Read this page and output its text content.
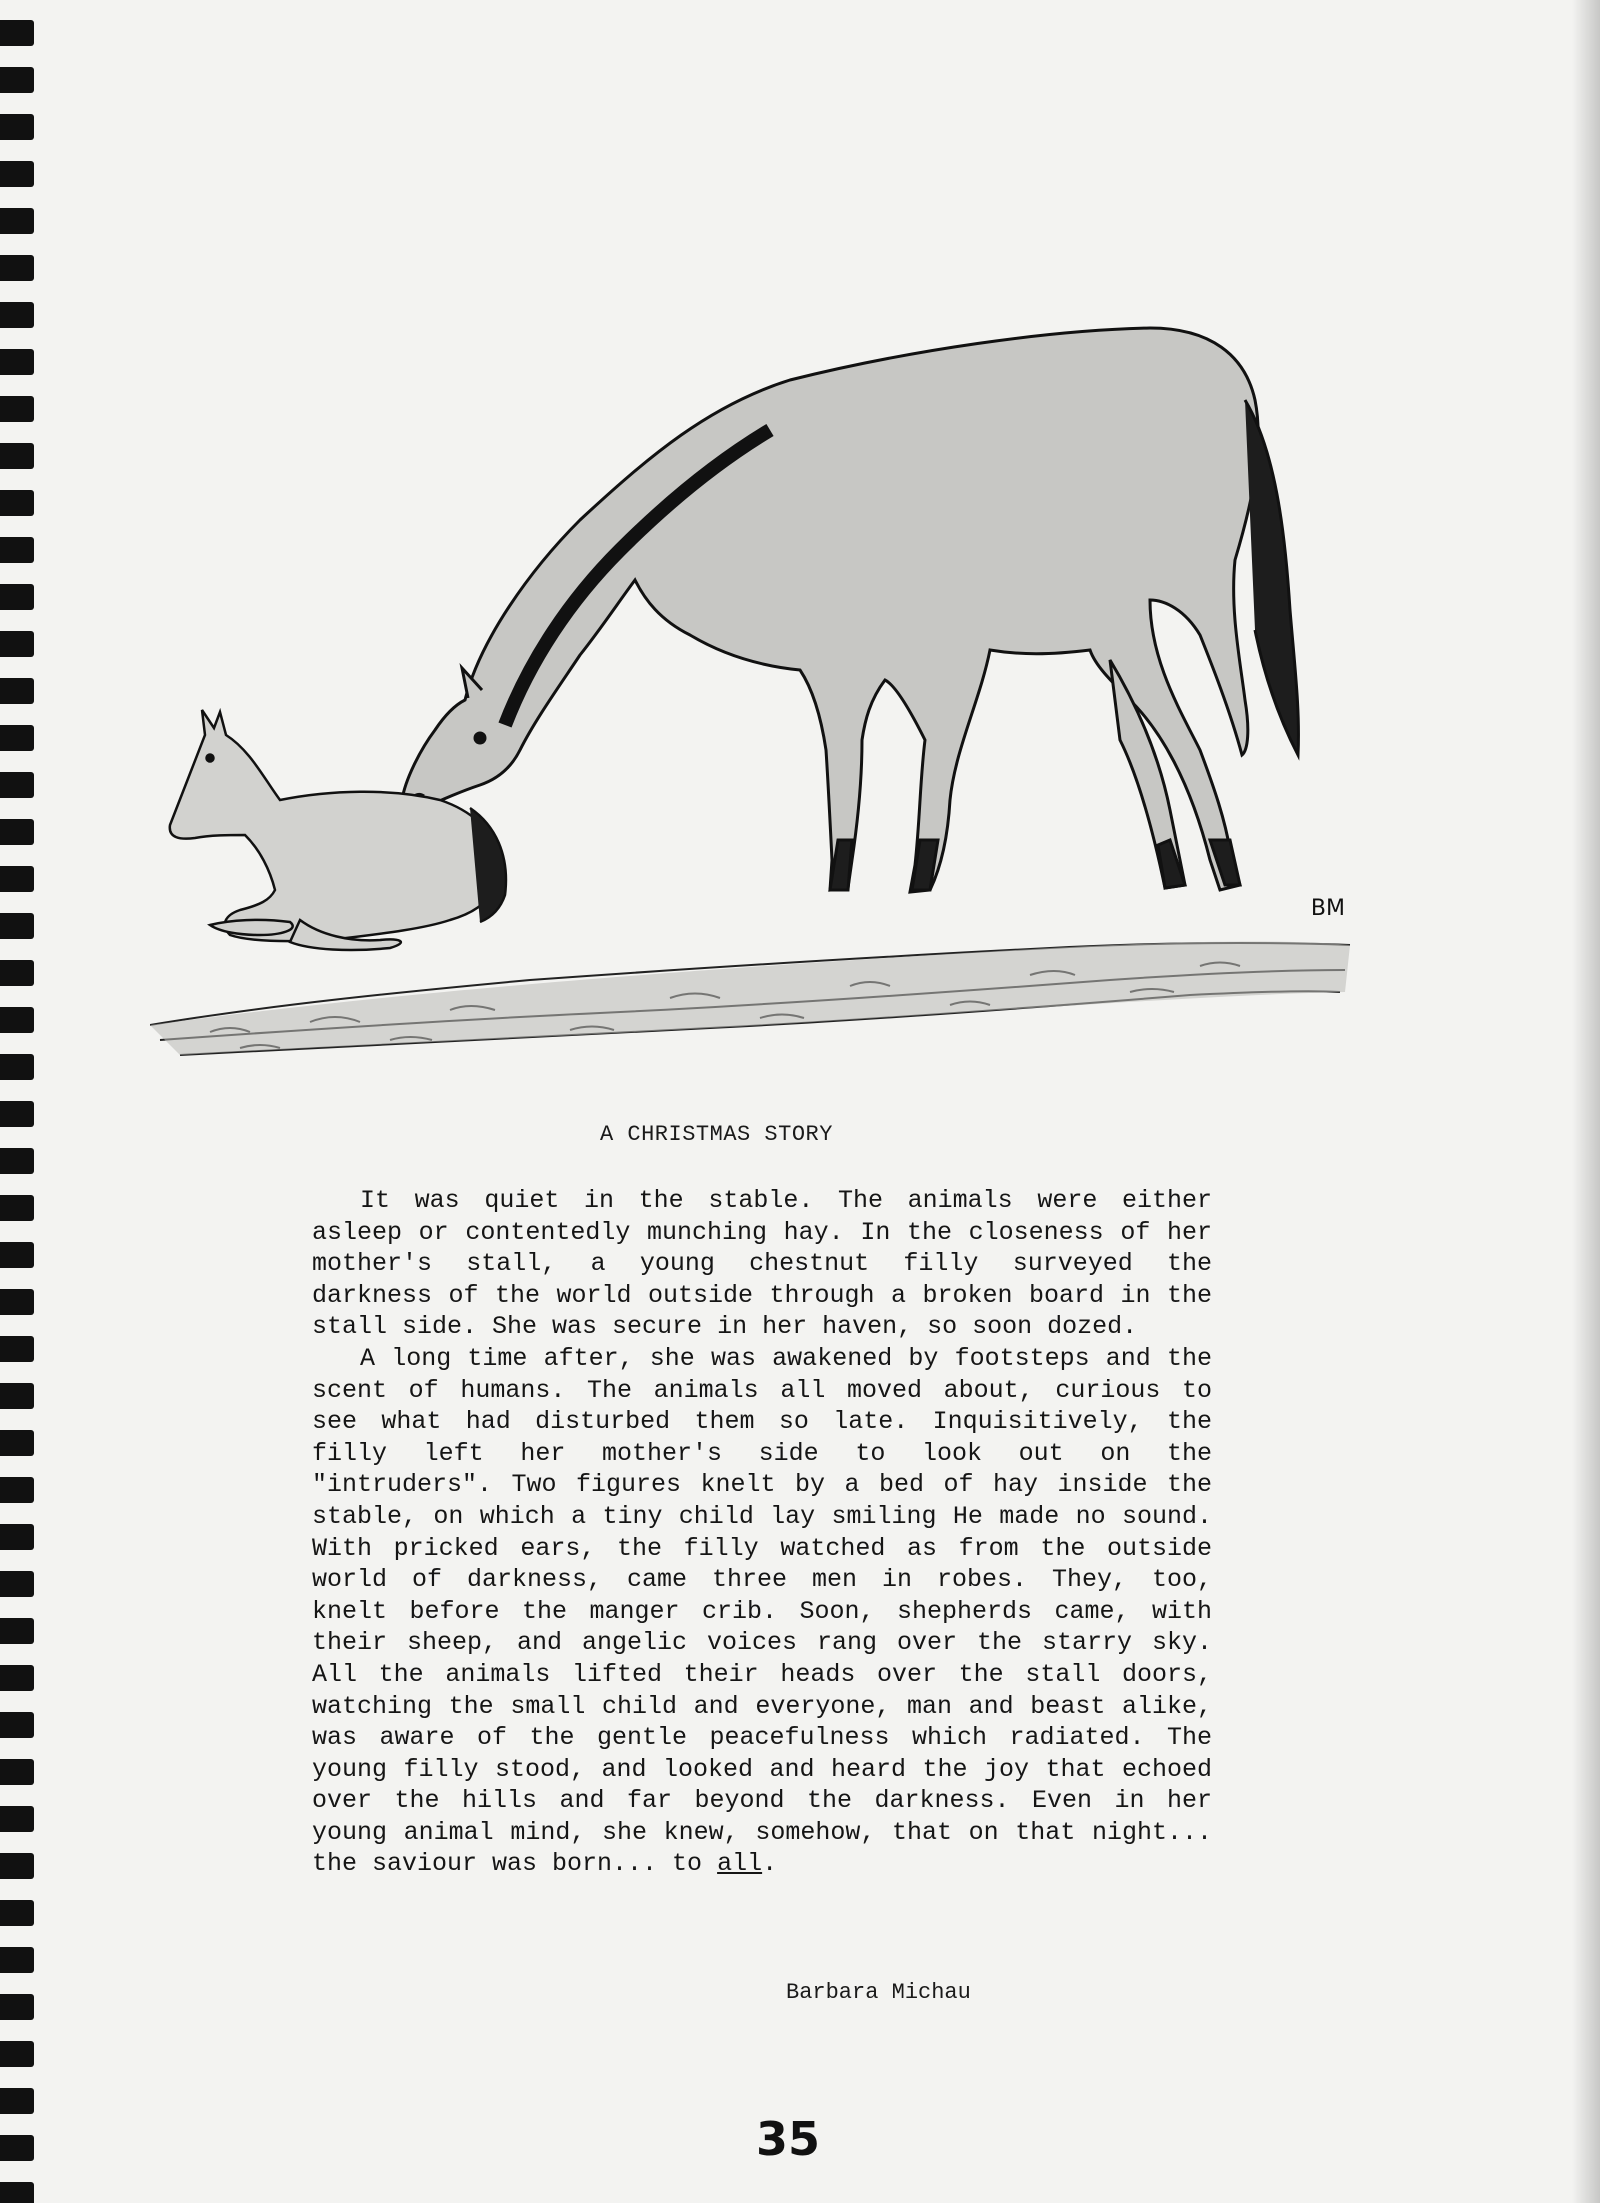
BM
A CHRISTMAS STORY

It was quiet in the stable. The animals were either asleep or contentedly munching hay. In the closeness of her mother's stall, a young chestnut filly surveyed the darkness of the world outside through a broken board in the stall side. She was secure in her haven, so soon dozed.

A long time after, she was awakened by footsteps and the scent of humans. The animals all moved about, curious to see what had disturbed them so late. Inquisitively, the filly left her mother's side to look out on the "intruders". Two figures knelt by a bed of hay inside the stable, on which a tiny child lay smiling He made no sound. With pricked ears, the filly watched as from the outside world of darkness, came three men in robes. They, too, knelt before the manger crib. Soon, shepherds came, with their sheep, and angelic voices rang over the starry sky. All the animals lifted their heads over the stall doors, watching the small child and everyone, man and beast alike, was aware of the gentle peacefulness which radiated. The young filly stood, and looked and heard the joy that echoed over the hills and far beyond the darkness. Even in her young animal mind, she knew, somehow, that on that night... the saviour was born... to all.

Barbara Michau
35
